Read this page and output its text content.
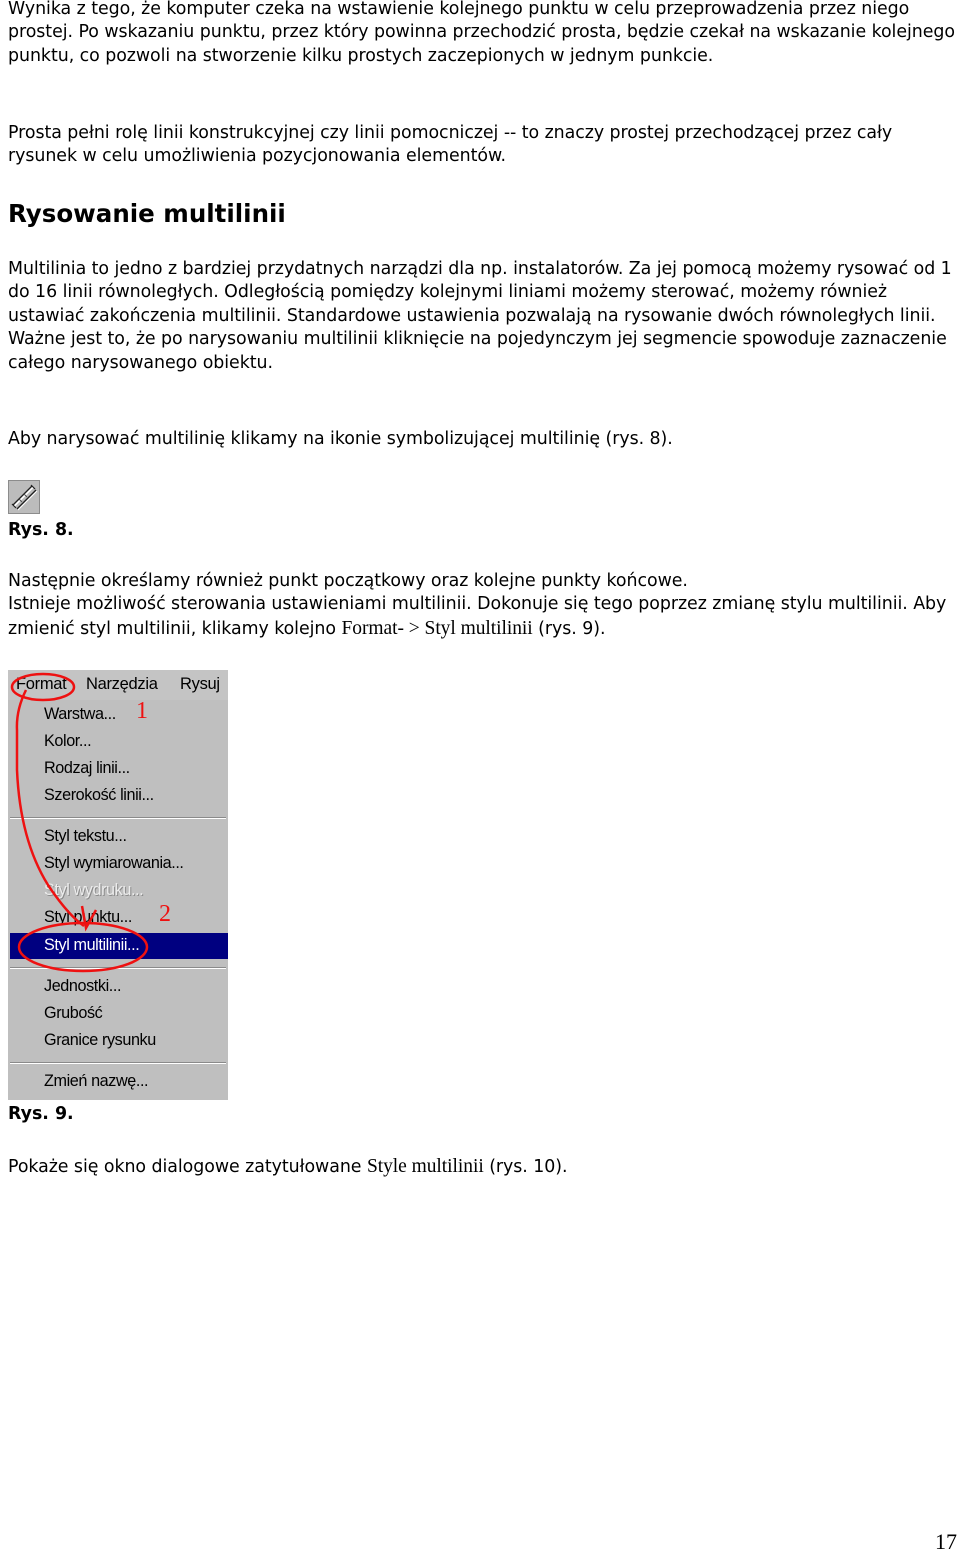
Wynika z tego, że komputer czeka na wstawienie kolejnego punktu w celu przeprowadzenia przez niego prostej. Po wskazaniu punktu, przez który powinna przechodzić prosta, będzie czekał na wskazanie kolejnego punktu, co pozwoli na stworzenie kilku prostych zaczepionych w jednym punkcie.

Prosta pełni rolę linii konstrukcyjnej czy linii pomocniczej -- to znaczy prostej przechodzącej przez cały rysunek w celu umożliwienia pozycjonowania elementów.

Rysowanie multilinii

Multilinia to jedno z bardziej przydatnych narządzi dla np. instalatorów. Za jej pomocą możemy rysować od 1 do 16 linii równoległych. Odległością pomiędzy kolejnymi liniami możemy sterować, możemy również ustawiać zakończenia multilinii. Standardowe ustawienia pozwalają na rysowanie dwóch równoległych linii. Ważne jest to, że po narysowaniu multilinii kliknięcie na pojedynczym jej segmencie spowoduje zaznaczenie całego narysowanego obiektu.

Aby narysować multilinię klikamy na ikonie symbolizującej multilinię (rys. 8).

Rys. 8.

Następnie określamy również punkt początkowy oraz kolejne punkty końcowe.
Istnieje możliwość sterowania ustawieniami multilinii. Dokonuje się tego poprzez zmianę stylu multilinii. Aby zmienić styl multilinii, klikamy kolejno Format- > Styl multilinii (rys. 9).

Format Narzędzia Rysuj
Warstwa...
Kolor...
Rodzaj linii...
Szerokość linii...
Styl tekstu...
Styl wymiarowania...
Styl wydruku...
Styl punktu...
Styl multilinii...
Jednostki...
Grubość
Granice rysunku
Zmień nazwę...
1
2
Rys. 9.

Pokaże się okno dialogowe zatytułowane Style multilinii (rys. 10).

17
